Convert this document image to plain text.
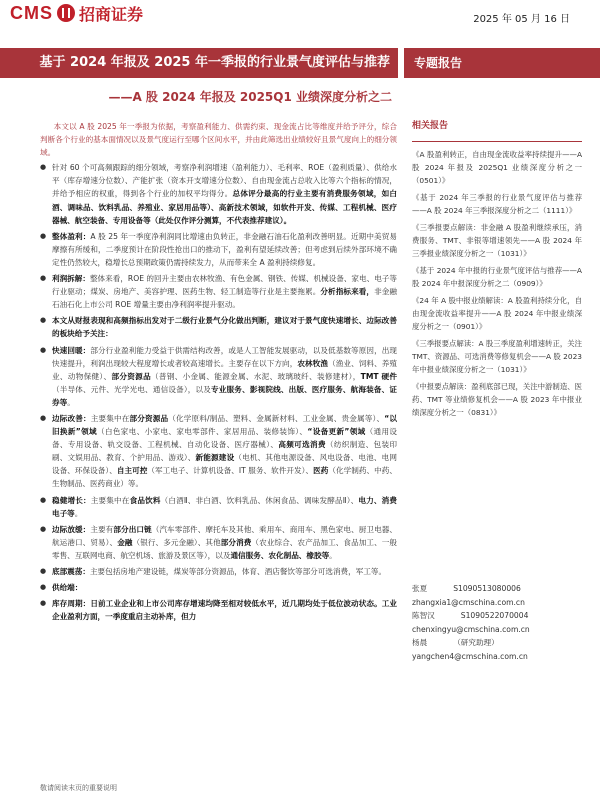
CMS 招商证券	2025 年 05 月 16 日
基于 2024 年报及 2025 年一季报的行业景气度评估与推荐	专题报告
——A 股 2024 年报及 2025Q1 业绩深度分析之二

本文以 A 股 2025 年一季报为依据，考察盈利能力、供需约束、现金流占比等维度并给予评分，综合判断各个行业的基本面情况以及景气度运行至哪个区间水平，并由此筛选出业绩较好且景气度向上的细分领域。

● 针对 60 个可高频跟踪的细分领域，考察净利润增速（盈利能力）、毛利率、ROE（盈利质量）、供给水平（库存增速分位数）、产能扩张（资本开支增速分位数）、自由现金流占总收入比等六个指标的情况，并给予相应的权重，得到各个行业的加权平均得分。总体评分最高的行业主要有消费服务领域，如白酒、调味品、饮料乳品、养殖业、家居用品等）、高新技术领域，如软件开发、传媒、工程机械、医疗器械、航空装备、专用设备等（此处仅作评分测算，不代表推荐建议）。
● 整体盈利：A 股 25 年一季度净利润同比增速由负转正，非金融石油石化盈利改善明显。近期中美贸易摩擦有所缓和，二季度预计在阶段性抢出口的推动下，盈利有望延续改善；但考虑到后续外部环境不确定性仍然较大，稳增长总预期政策仍需持续发力，从而带来全 A 盈利持续修复。
● 利润拆解：整体来看，ROE 的回升主要由农林牧渔、有色金属、钢铁、传媒、机械设备、家电、电子等行业驱动；煤炭、房地产、美容护理、医药生物、轻工制造等行业是主要拖累。分析指标来看，非金融石油石化上市公司 ROE 增量主要由净利润率提升驱动。
● 本文从财报表现和高频指标出发对于二级行业景气分化做出判断，建议对于景气度快速增长、边际改善的板块给予关注：
● 快速回暖：部分行业盈利能力受益于供需结构改善，或是人工智能发展驱动，以及低基数等原因，出现快速提升，利润出现较大程度增长或者较高速增长。主要存在以下方向，农林牧渔（渔业、饲料、养殖业、动物保健）、部分资源品（普钢、小金属、能源金属、水泥、玻璃玻纤、装修建材），TMT 硬件（半导体、元件、光学光电、通信设备），以及专业服务、影视院线、出版、医疗服务、航海装备、证券等。
● 边际改善：主要集中在部分资源品（化学原料/制品、塑料、金属新材料、工业金属、贵金属等）、“以旧换新”领域（白色家电、小家电、家电零部件、家居用品、装修装饰）、“设备更新”领域（通用设备、专用设备、轨交设备、工程机械、自动化设备、医疗器械）、高频可选消费（纺织制造、包装印刷、文娱用品、教育、个护用品、游戏）、新能源建设（电机、其他电源设备、风电设备、电池、电网设备、环保设备）、自主可控（军工电子、计算机设备、IT 服务、软件开发）、医药（化学制药、中药、生物制品、医药商业）等。
● 稳健增长：主要集中在食品饮料（白酒Ⅱ、非白酒、饮料乳品、休闲食品、调味发酵品Ⅱ）、电力、消费电子等。
● 边际放缓：主要有部分出口链（汽车零部件、摩托车及其他、乘用车、商用车、黑色家电、厨卫电器、航运港口、贸易）、金融（银行、多元金融）、其他部分消费（农业综合、农产品加工、食品加工、一般零售、互联网电商、航空机场、旅游及景区等），以及通信服务、农化制品、橡胶等。
● 底部震荡：主要包括房地产建设链，煤炭等部分资源品，体育、酒店餐饮等部分可选消费，军工等。
● 供给端：
● 库存周期：日前工业企业和上市公司库存增速均降至相对较低水平，近几期均处于低位波动状态。工业企业盈利方面，一季度重启主动补库，但力
相关报告
《A 股盈利转正，自由现金流收益率持续提升——A 股 2024 年报及 2025Q1 业绩深度分析之一（0501）》
《基于 2024 年三季报的行业景气度评估与推荐——A 股 2024 年三季报深度分析之二（1111）》
《三季报要点解读：非金融 A 股盈利继续承压，消费服务、TMT、非银等增速领先——A 股 2024 年三季报业绩深度分析之一（1031）》
《基于 2024 年中报的行业景气度评估与推荐——A 股 2024 年中报深度分析之二（0909）》
《24 年 A 股中报业绩解读：A 股盈利持续分化，自由现金流收益率提升——A 股 2024 年中报业绩深度分析之一（0901）》
《三季报要点解读：A 股三季度盈利增速转正，关注 TMT、资源品、可选消费等修复机会——A 股 2023 年中报业绩深度分析之一（1031）》
《中报要点解读：盈利底部已现，关注中游制造、医药、TMT 等业绩修复机会——A 股 2023 年中报业绩深度分析之一（0831）》
张夏	S1090513080006
zhangxia1@cmschina.com.cn
陈智汉	S1090522070004
chenxingyu@cmschina.com.cn
杨晨	（研究助理）
yangchen4@cmschina.com.cn
敬请阅读末页的重要说明
